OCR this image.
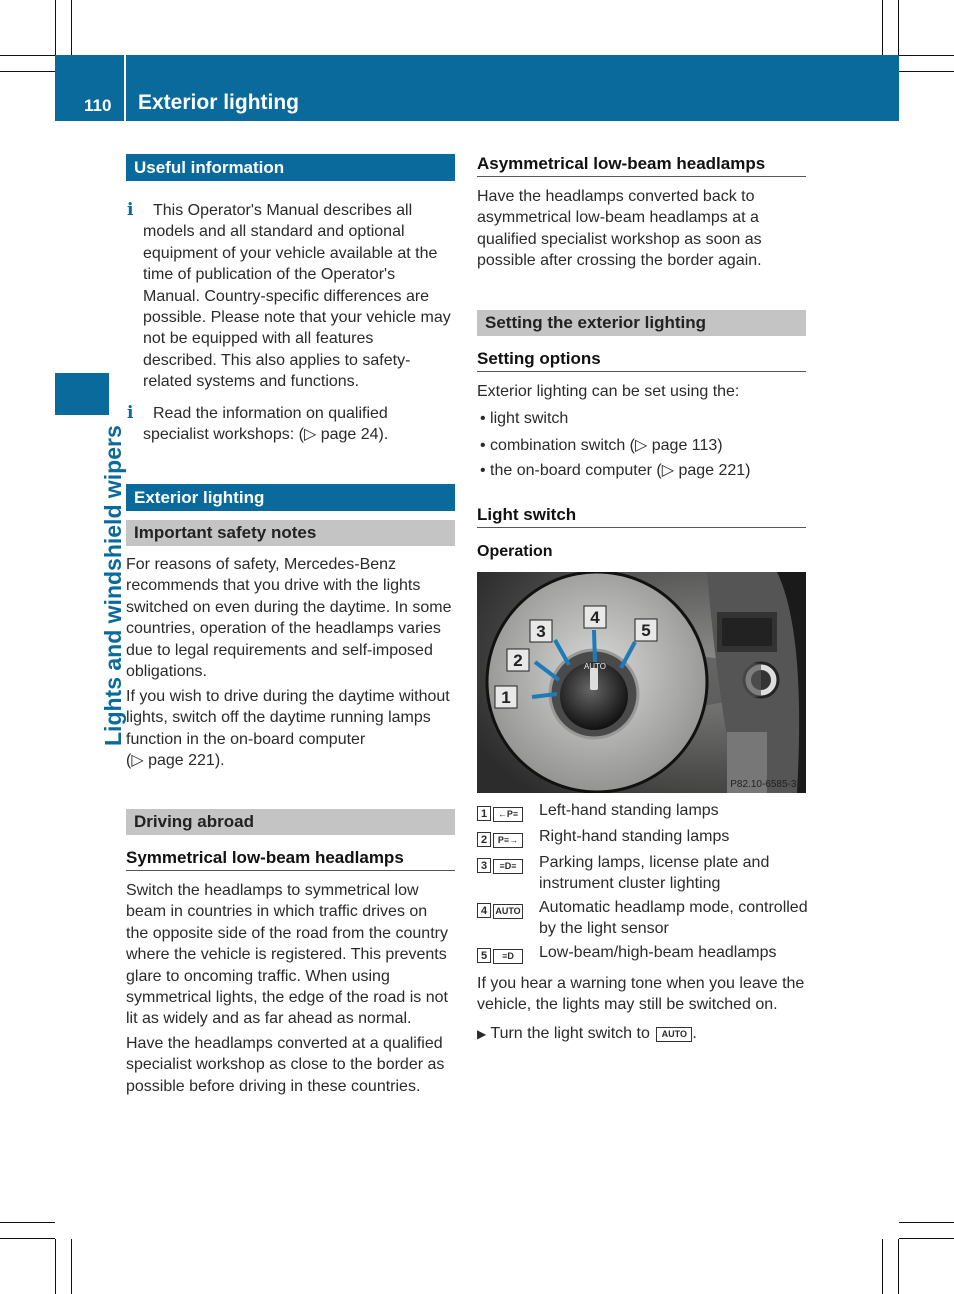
110 Exterior lighting
Lights and windshield wipers
Useful information
i	This Operator's Manual describes all
models and all standard and optional
equipment of your vehicle available at the
time of publication of the Operator's
Manual. Country-specific differences are
possible. Please note that your vehicle may
not be equipped with all features
described. This also applies to safety-
related systems and functions.
i	Read the information on qualified
specialist workshops: (▷ page 24).
Exterior lighting
Important safety notes
For reasons of safety, Mercedes-Benz
recommends that you drive with the lights
switched on even during the daytime. In some
countries, operation of the headlamps varies
due to legal requirements and self-imposed
obligations.
If you wish to drive during the daytime without
lights, switch off the daytime running lamps
function in the on-board computer
(▷ page 221).
Driving abroad
Symmetrical low-beam headlamps
Switch the headlamps to symmetrical low
beam in countries in which traffic drives on
the opposite side of the road from the country
where the vehicle is registered. This prevents
glare to oncoming traffic. When using
symmetrical lights, the edge of the road is not
lit as widely and as far ahead as normal.
Have the headlamps converted at a qualified
specialist workshop as close to the border as
possible before driving in these countries.
Asymmetrical low-beam headlamps
Have the headlamps converted back to
asymmetrical low-beam headlamps at a
qualified specialist workshop as soon as
possible after crossing the border again.
Setting the exterior lighting
Setting options
Exterior lighting can be set using the:
• light switch
• combination switch (▷ page 113)
• the on-board computer (▷ page 221)
Light switch
Operation
AUTO
1
2
3
4
5
P82.10-6585-31
1 ←P≡	Left-hand standing lamps
2 P≡→	Right-hand standing lamps
3 ≡D≡	Parking lamps, license plate and instrument cluster lighting
4 AUTO Automatic headlamp mode, controlled by the light sensor
5 ≡D	Low-beam/high-beam headlamps
If you hear a warning tone when you leave the
vehicle, the lights may still be switched on.
▶ Turn the light switch to AUTO .
